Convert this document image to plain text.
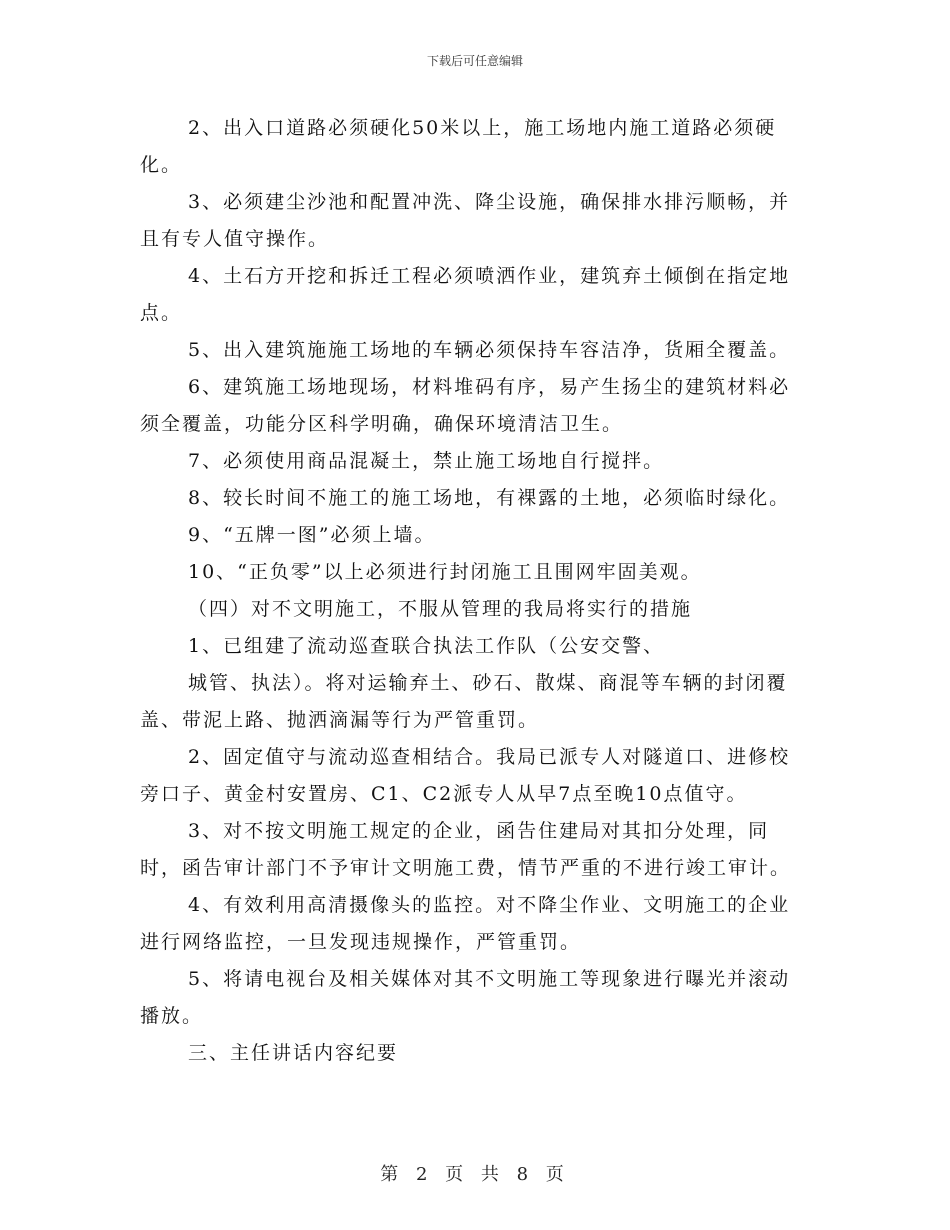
下载后可任意编辑

2、出入口道路必须硬化50米以上，施工场地内施工道路必须硬化。

3、必须建尘沙池和配置冲洗、降尘设施，确保排水排污顺畅，并且有专人值守操作。

4、土石方开挖和拆迁工程必须喷洒作业，建筑弃土倾倒在指定地点。

5、出入建筑施施工场地的车辆必须保持车容洁净，货厢全覆盖。

6、建筑施工场地现场，材料堆码有序，易产生扬尘的建筑材料必须全覆盖，功能分区科学明确，确保环境清洁卫生。

7、必须使用商品混凝土，禁止施工场地自行搅拌。

8、较长时间不施工的施工场地，有裸露的土地，必须临时绿化。

9、“五牌一图”必须上墙。

10、“正负零”以上必须进行封闭施工且围网牢固美观。

（四）对不文明施工，不服从管理的我局将实行的措施

1、已组建了流动巡查联合执法工作队（公安交警、

城管、执法）。将对运输弃土、砂石、散煤、商混等车辆的封闭覆盖、带泥上路、抛洒滴漏等行为严管重罚。

2、固定值守与流动巡查相结合。我局已派专人对隧道口、进修校旁口子、黄金村安置房、C1、C2派专人从早7点至晚10点值守。

3、对不按文明施工规定的企业，函告住建局对其扣分处理，同时，函告审计部门不予审计文明施工费，情节严重的不进行竣工审计。

4、有效利用高清摄像头的监控。对不降尘作业、文明施工的企业进行网络监控，一旦发现违规操作，严管重罚。

5、将请电视台及相关媒体对其不文明施工等现象进行曝光并滚动播放。

三、主任讲话内容纪要

第 2 页 共 8 页
